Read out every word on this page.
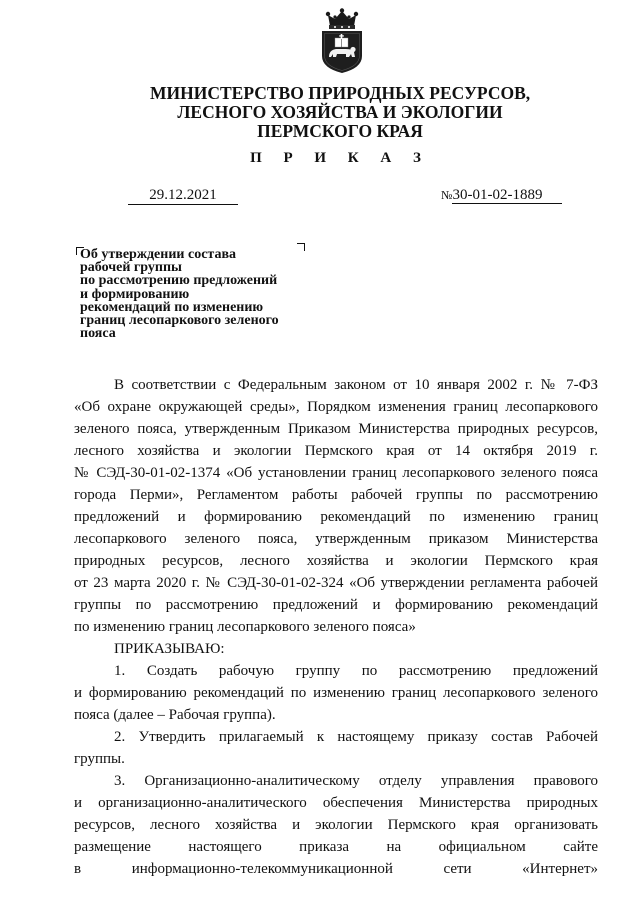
МИНИСТЕРСТВО ПРИРОДНЫХ РЕСУРСОВ,
ЛЕСНОГО ХОЗЯЙСТВА И ЭКОЛОГИИ
ПЕРМСКОГО КРАЯ
П Р И К А З
29.12.2021	№30-01-02-1889
Об утверждении состава
рабочей группы
по рассмотрению предложений
и формированию
рекомендаций по изменению
границ лесопаркового зеленого
пояса
В соответствии с Федеральным законом от 10 января 2002 г. № 7-ФЗ
«Об охране окружающей среды», Порядком изменения границ лесопаркового
зеленого пояса, утвержденным Приказом Министерства природных ресурсов,
лесного хозяйства и экологии Пермского края от 14 октября 2019 г.
№ СЭД-30-01-02-1374 «Об установлении границ лесопаркового зеленого пояса
города Перми», Регламентом работы рабочей группы по рассмотрению
предложений и формированию рекомендаций по изменению границ
лесопаркового зеленого пояса, утвержденным приказом Министерства
природных ресурсов, лесного хозяйства и экологии Пермского края
от 23 марта 2020 г. № СЭД-30-01-02-324 «Об утверждении регламента рабочей
группы по рассмотрению предложений и формированию рекомендаций
по изменению границ лесопаркового зеленого пояса»
ПРИКАЗЫВАЮ:
1. Создать рабочую группу по рассмотрению предложений
и формированию рекомендаций по изменению границ лесопаркового зеленого
пояса (далее – Рабочая группа).
2. Утвердить прилагаемый к настоящему приказу состав Рабочей
группы.
3. Организационно-аналитическому отделу управления правового
и организационно-аналитического обеспечения Министерства природных
ресурсов, лесного хозяйства и экологии Пермского края организовать
размещение настоящего приказа на официальном сайте
в информационно-телекоммуникационной сети «Интернет»
